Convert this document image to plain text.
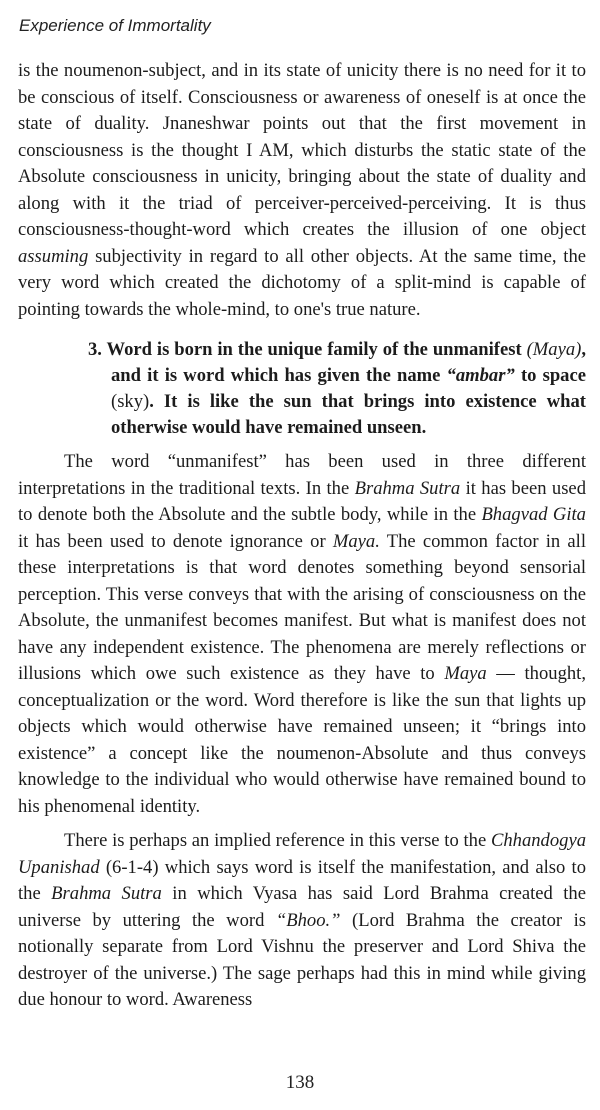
Experience of Immortality

is the noumenon-subject, and in its state of unicity there is no need for it to be conscious of itself. Consciousness or awareness of oneself is at once the state of duality. Jnaneshwar points out that the first movement in consciousness is the thought I AM, which disturbs the static state of the Absolute consciousness in unicity, bringing about the state of duality and along with it the triad of perceiver-perceived-perceiving. It is thus consciousness-thought-word which creates the illusion of one object assuming subjectivity in regard to all other objects. At the same time, the very word which created the dichotomy of a split-mind is capable of pointing towards the whole-mind, to one's true nature.

3. Word is born in the unique family of the unmanifest (Maya), and it is word which has given the name “ambar” to space (sky). It is like the sun that brings into existence what otherwise would have remained unseen.

The word “unmanifest” has been used in three different interpretations in the traditional texts. In the Brahma Sutra it has been used to denote both the Absolute and the subtle body, while in the Bhagvad Gita it has been used to denote ignorance or Maya. The common factor in all these interpretations is that word denotes something beyond sensorial perception. This verse conveys that with the arising of consciousness on the Absolute, the unmanifest becomes manifest. But what is manifest does not have any independent existence. The phenomena are merely reflections or illusions which owe such existence as they have to Maya — thought, conceptualization or the word. Word therefore is like the sun that lights up objects which would otherwise have remained unseen; it “brings into existence” a concept like the noumenon-Absolute and thus conveys knowledge to the individual who would otherwise have remained bound to his phenomenal identity.

There is perhaps an implied reference in this verse to the Chhandogya Upanishad (6-1-4) which says word is itself the manifestation, and also to the Brahma Sutra in which Vyasa has said Lord Brahma created the universe by uttering the word “Bhoo.” (Lord Brahma the creator is notionally separate from Lord Vishnu the preserver and Lord Shiva the destroyer of the universe.) The sage perhaps had this in mind while giving due honour to word. Awareness

138
